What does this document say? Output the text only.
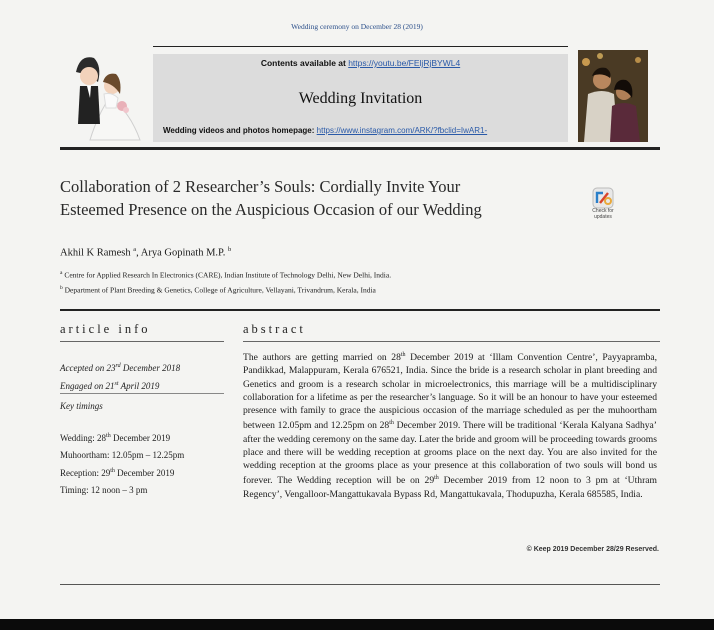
Wedding ceremony on December 28 (2019)
Contents available at https://youtu.be/FEljRjBYWL4
Wedding Invitation
Wedding videos and photos homepage: https://www.instagram.com/ARK/?fbclid=IwAR1-
Collaboration of 2 Researcher’s Souls: Cordially Invite Your
Esteemed Presence on the Auspicious Occasion of our Wedding	Check for updates
Akhil K Ramesh $^a$, Arya Gopinath M.P. $^b$
$^a$ Centre for Applied Research In Electronics (CARE), Indian Institute of Technology Delhi, New Delhi, India.
$^b$ Department of Plant Breeding & Genetics, College of Agriculture, Vellayani, Trivandrum, Kerala, India
article info
Accepted on 23rd December 2018
Engaged on 21st April 2019
Key timings
Wedding: 28th December 2019
Muhoortham: 12.05pm – 12.25pm
Reception: 29th December 2019
Timing: 12 noon – 3 pm
abstract
The authors are getting married on 28th December 2019 at ‘Illam Convention Centre’, Payyapramba, Pandikkad, Malappuram, Kerala 676521, India. Since the bride is a research scholar in plant breeding and Genetics and groom is a research scholar in microelectronics, this marriage will be a multidisciplinary collaboration for a lifetime as per the researcher’s language. So it will be an honour to have your esteemed presence with family to grace the auspicious occasion of the marriage scheduled as per the muhoortham between 12.05pm and 12.25pm on 28th December 2019. There will be traditional ‘Kerala Kalyana Sadhya’ after the wedding ceremony on the same day. Later the bride and groom will be proceeding towards grooms place and there will be wedding reception at grooms place on the next day. You are also invited for the wedding reception at the grooms place as your presence at this collaboration of two souls will bond us forever. The Wedding reception will be on 29th December 2019 from 12 noon to 3 pm at ‘Uthram Regency’, Vengalloor-Mangattukavala Bypass Rd, Mangattukavala, Thodupuzha, Kerala 685585, India.
© Keep 2019 December 28/29 Reserved.
